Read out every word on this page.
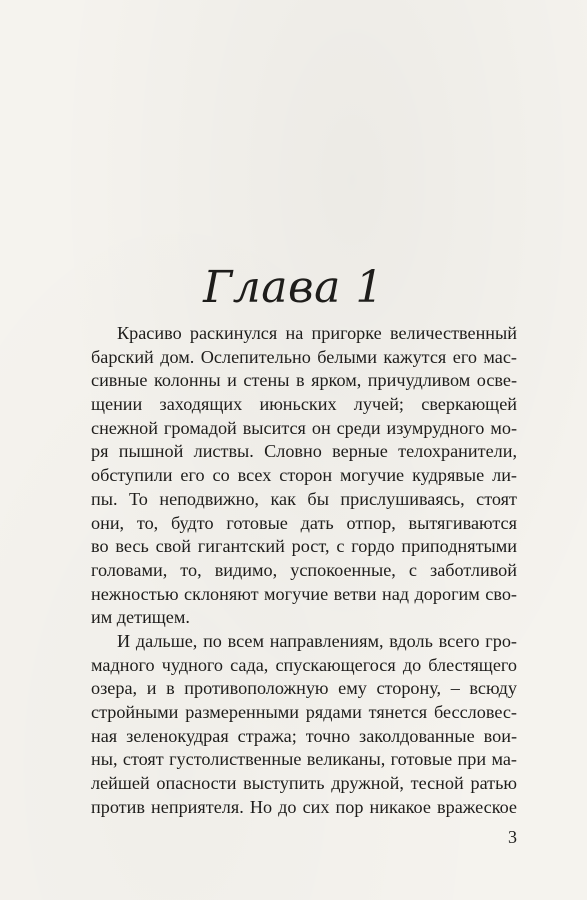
Глава 1
Красиво раскинулся на пригорке величественный
барский дом. Ослепительно белыми кажутся его мас-
сивные колонны и стены в ярком, причудливом осве-
щении заходящих июньских лучей; сверкающей
снежной громадой высится он среди изумрудного мо-
ря пышной листвы. Словно верные телохранители,
обступили его со всех сторон могучие кудрявые ли-
пы. То неподвижно, как бы прислушиваясь, стоят
они, то, будто готовые дать отпор, вытягиваются
во весь свой гигантский рост, с гордо приподнятыми
головами, то, видимо, успокоенные, с заботливой
нежностью склоняют могучие ветви над дорогим сво-
им детищем.
И дальше, по всем направлениям, вдоль всего гро-
мадного чудного сада, спускающегося до блестящего
озера, и в противоположную ему сторону, – всюду
стройными размеренными рядами тянется бессловес-
ная зеленокудрая стража; точно заколдованные вои-
ны, стоят густолиственные великаны, готовые при ма-
лейшей опасности выступить дружной, тесной ратью
против неприятеля. Но до сих пор никакое вражеское
3
